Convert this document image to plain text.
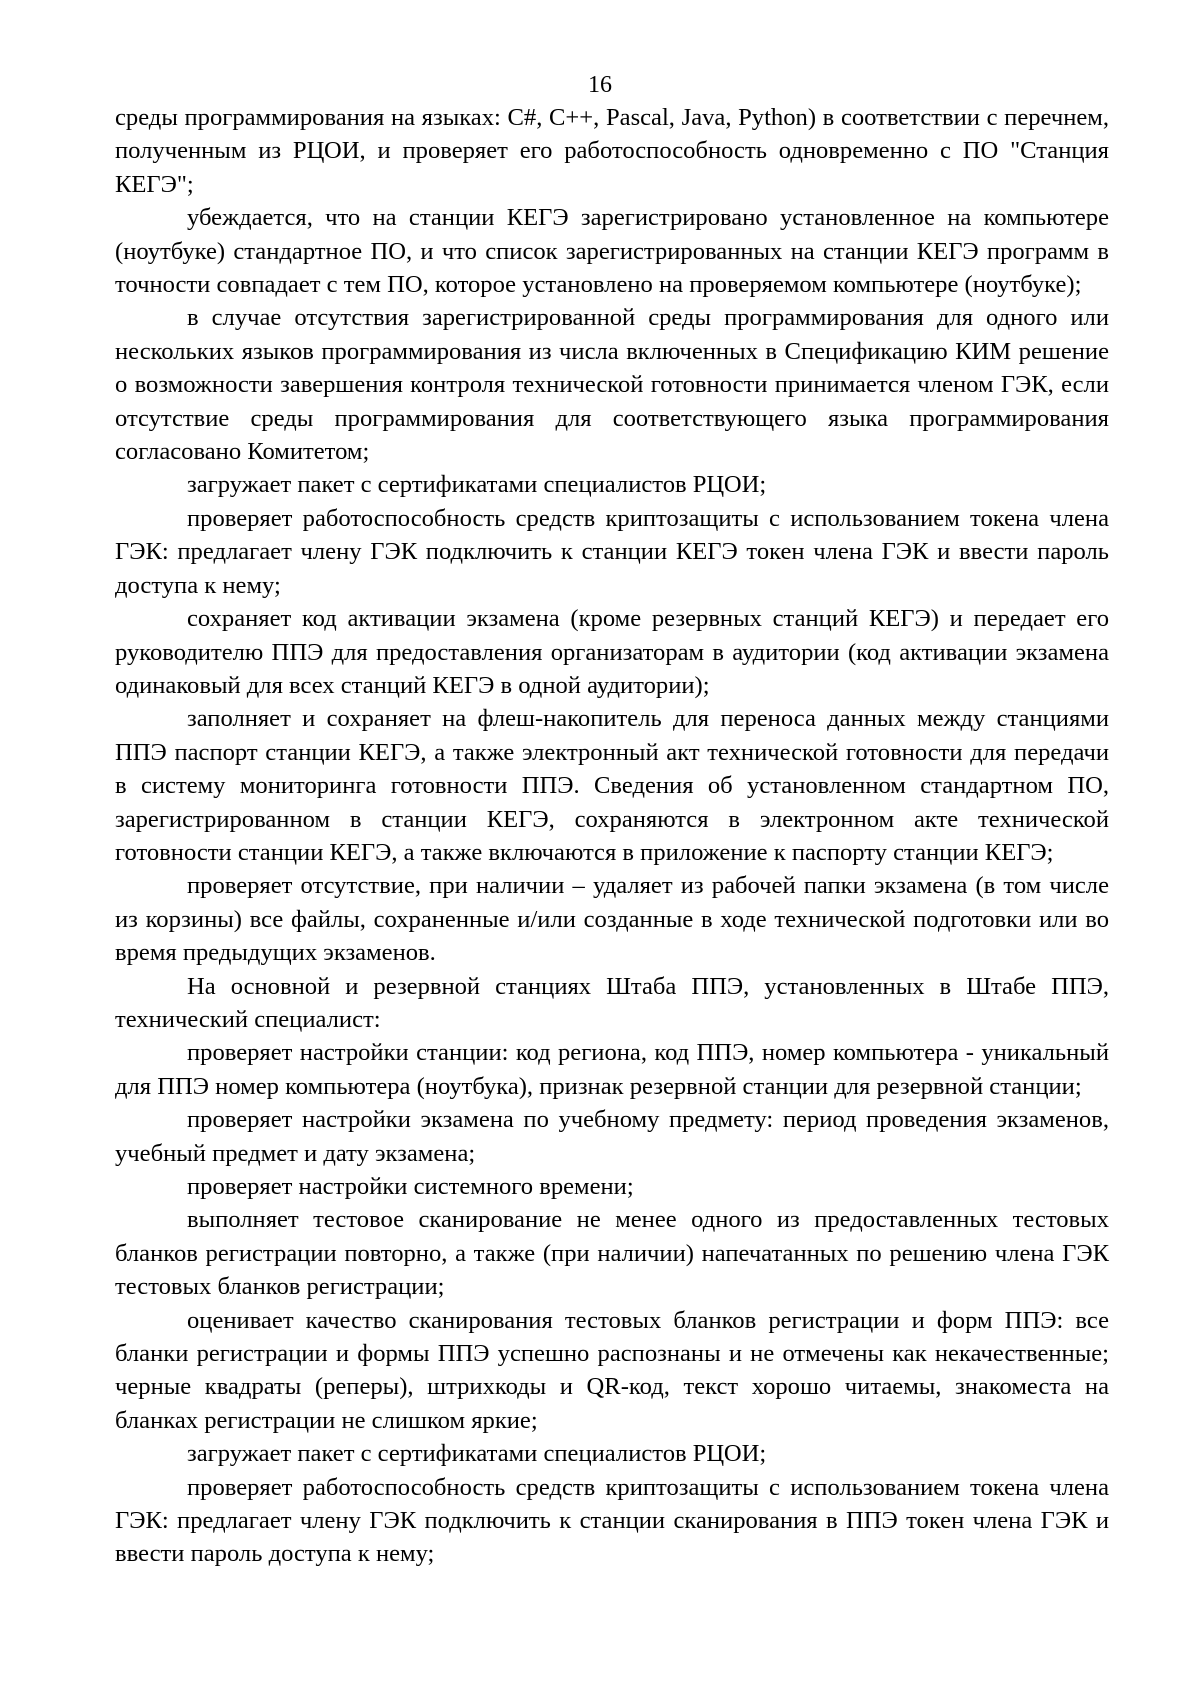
16

среды программирования на языках: C#, C++, Pascal, Java, Python) в соответствии с перечнем, полученным из РЦОИ, и проверяет его работоспособность одновременно с ПО "Станция КЕГЭ";

убеждается, что на станции КЕГЭ зарегистрировано установленное на компьютере (ноутбуке) стандартное ПО, и что список зарегистрированных на станции КЕГЭ программ в точности совпадает с тем ПО, которое установлено на проверяемом компьютере (ноутбуке);

в случае отсутствия зарегистрированной среды программирования для одного или нескольких языков программирования из числа включенных в Спецификацию КИМ решение о возможности завершения контроля технической готовности принимается членом ГЭК, если отсутствие среды программирования для соответствующего языка программирования согласовано Комитетом;

загружает пакет с сертификатами специалистов РЦОИ;

проверяет работоспособность средств криптозащиты с использованием токена члена ГЭК: предлагает члену ГЭК подключить к станции КЕГЭ токен члена ГЭК и ввести пароль доступа к нему;

сохраняет код активации экзамена (кроме резервных станций КЕГЭ) и передает его руководителю ППЭ для предоставления организаторам в аудитории (код активации экзамена одинаковый для всех станций КЕГЭ в одной аудитории);

заполняет и сохраняет на флеш-накопитель для переноса данных между станциями ППЭ паспорт станции КЕГЭ, а также электронный акт технической готовности для передачи в систему мониторинга готовности ППЭ. Сведения об установленном стандартном ПО, зарегистрированном в станции КЕГЭ, сохраняются в электронном акте технической готовности станции КЕГЭ, а также включаются в приложение к паспорту станции КЕГЭ;

проверяет отсутствие, при наличии – удаляет из рабочей папки экзамена (в том числе из корзины) все файлы, сохраненные и/или созданные в ходе технической подготовки или во время предыдущих экзаменов.

На основной и резервной станциях Штаба ППЭ, установленных в Штабе ППЭ, технический специалист:

проверяет настройки станции: код региона, код ППЭ, номер компьютера - уникальный для ППЭ номер компьютера (ноутбука), признак резервной станции для резервной станции;

проверяет настройки экзамена по учебному предмету: период проведения экзаменов, учебный предмет и дату экзамена;

проверяет настройки системного времени;

выполняет тестовое сканирование не менее одного из предоставленных тестовых бланков регистрации повторно, а также (при наличии) напечатанных по решению члена ГЭК тестовых бланков регистрации;

оценивает качество сканирования тестовых бланков регистрации и форм ППЭ: все бланки регистрации и формы ППЭ успешно распознаны и не отмечены как некачественные; черные квадраты (реперы), штрихкоды и QR-код, текст хорошо читаемы, знакоместа на бланках регистрации не слишком яркие;

загружает пакет с сертификатами специалистов РЦОИ;

проверяет работоспособность средств криптозащиты с использованием токена члена ГЭК: предлагает члену ГЭК подключить к станции сканирования в ППЭ токен члена ГЭК и ввести пароль доступа к нему;
